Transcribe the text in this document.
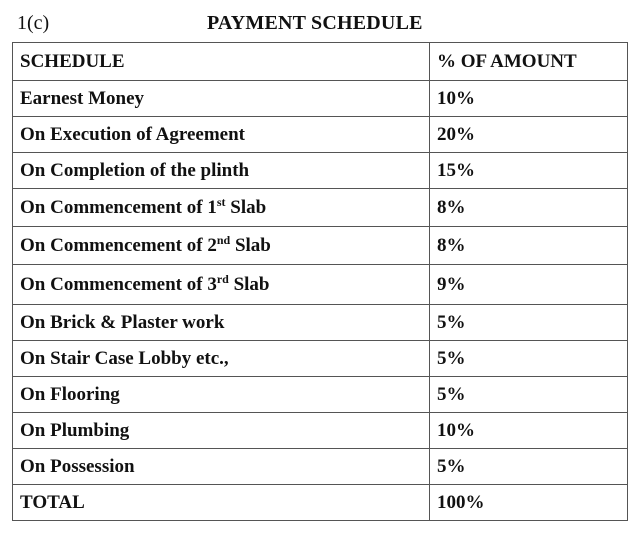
1(c)	PAYMENT SCHEDULE
SCHEDULE	% OF AMOUNT
Earnest Money	10%
On Execution of Agreement	20%
On Completion of the plinth	15%
On Commencement of 1st Slab	8%
On Commencement of 2nd Slab	8%
On Commencement of 3rd Slab	9%
On Brick & Plaster work	5%
On Stair Case Lobby etc.,	5%
On Flooring	5%
On Plumbing	10%
On Possession	5%
TOTAL	100%
